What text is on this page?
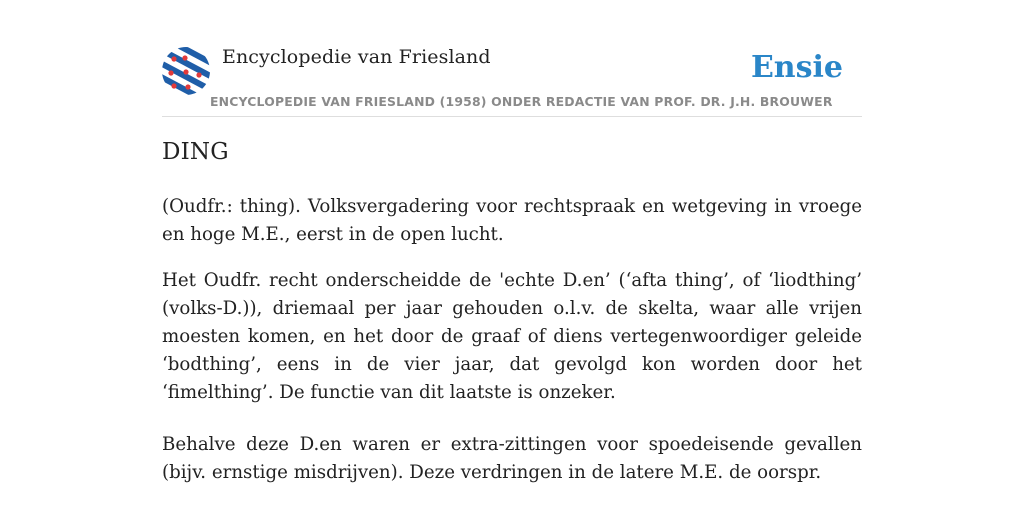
Encyclopedie van Friesland
ENCYCLOPEDIE VAN FRIESLAND (1958) ONDER REDACTIE VAN PROF. DR. J.H. BROUWER
Ensie
DING

(Oudfr.: thing). Volksvergadering voor rechtspraak en wetgeving in vroege en hoge M.E., eerst in de open lucht.

Het Oudfr. recht onderscheidde de 'echte D.en’ (‘afta thing’, of ‘liodthing’ (volks-D.)), driemaal per jaar gehouden o.l.v. de skelta, waar alle vrijen moesten komen, en het door de graaf of diens vertegenwoordiger geleide ‘bodthing’, eens in de vier jaar, dat gevolgd kon worden door het ‘fimelthing’. De functie van dit laatste is onzeker.

Behalve deze D.en waren er extra-zittingen voor spoedeisende gevallen (bijv. ernstige misdrijven). Deze verdringen in de latere M.E. de oorspr.
